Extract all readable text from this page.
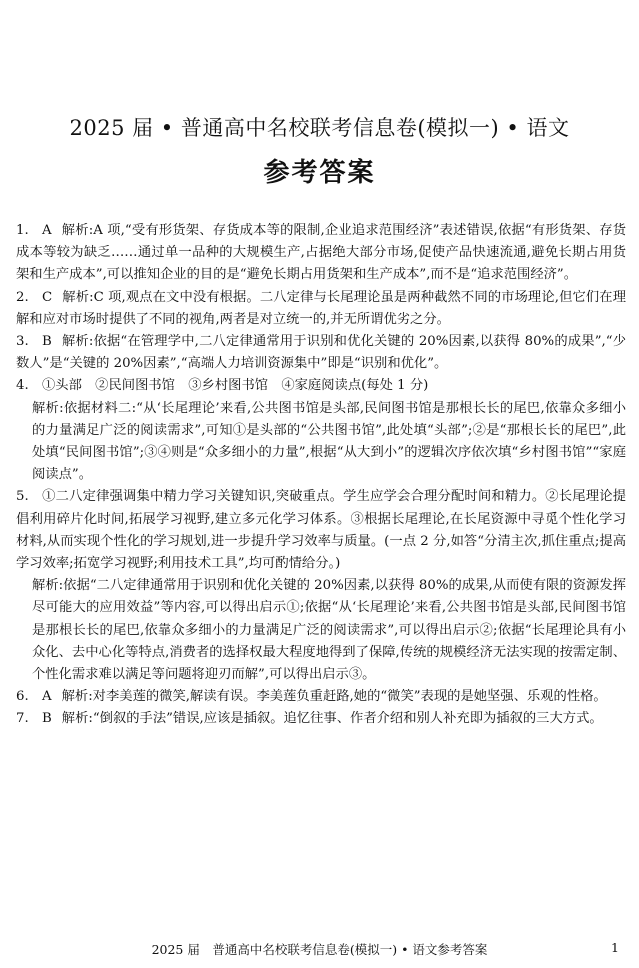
2025 届 • 普通高中名校联考信息卷(模拟一) • 语文
参考答案

1. A 解析:A 项,“受有形货架、存货成本等的限制,企业追求范围经济”表述错误,依据“有形货架、存货成本等较为缺乏……通过单一品种的大规模生产,占据绝大部分市场,促使产品快速流通,避免长期占用货架和生产成本”,可以推知企业的目的是“避免长期占用货架和生产成本”,而不是“追求范围经济”。

2. C 解析:C 项,观点在文中没有根据。二八定律与长尾理论虽是两种截然不同的市场理论,但它们在理解和应对市场时提供了不同的视角,两者是对立统一的,并无所谓优劣之分。

3. B 解析:依据“在管理学中,二八定律通常用于识别和优化关键的 20%因素,以获得 80%的成果”,“少数人”是“关键的 20%因素”,“高端人力培训资源集中”即是“识别和优化”。

4. ①头部　②民间图书馆　③乡村图书馆　④家庭阅读点(每处 1 分)

解析:依据材料二:“从‘长尾理论’来看,公共图书馆是头部,民间图书馆是那根长长的尾巴,依靠众多细小的力量满足广泛的阅读需求”,可知①是头部的“公共图书馆”,此处填“头部”;②是“那根长长的尾巴”,此处填“民间图书馆”;③④则是“众多细小的力量”,根据“从大到小”的逻辑次序依次填“乡村图书馆”“家庭阅读点”。

5. ①二八定律强调集中精力学习关键知识,突破重点。学生应学会合理分配时间和精力。②长尾理论提倡利用碎片化时间,拓展学习视野,建立多元化学习体系。③根据长尾理论,在长尾资源中寻觅个性化学习材料,从而实现个性化的学习规划,进一步提升学习效率与质量。(一点 2 分,如答“分清主次,抓住重点;提高学习效率;拓宽学习视野;利用技术工具”,均可酌情给分。)

解析:依据“二八定律通常用于识别和优化关键的 20%因素,以获得 80%的成果,从而使有限的资源发挥尽可能大的应用效益”等内容,可以得出启示①;依据“从‘长尾理论’来看,公共图书馆是头部,民间图书馆是那根长长的尾巴,依靠众多细小的力量满足广泛的阅读需求”,可以得出启示②;依据“长尾理论具有小众化、去中心化等特点,消费者的选择权最大程度地得到了保障,传统的规模经济无法实现的按需定制、个性化需求难以满足等问题将迎刃而解”,可以得出启示③。

6. A 解析:对李美莲的微笑,解读有误。李美莲负重赶路,她的“微笑”表现的是她坚强、乐观的性格。

7. B 解析:“倒叙的手法”错误,应该是插叙。追忆往事、作者介绍和别人补充即为插叙的三大方式。

2025 届　普通高中名校联考信息卷(模拟一) • 语文参考答案	1
